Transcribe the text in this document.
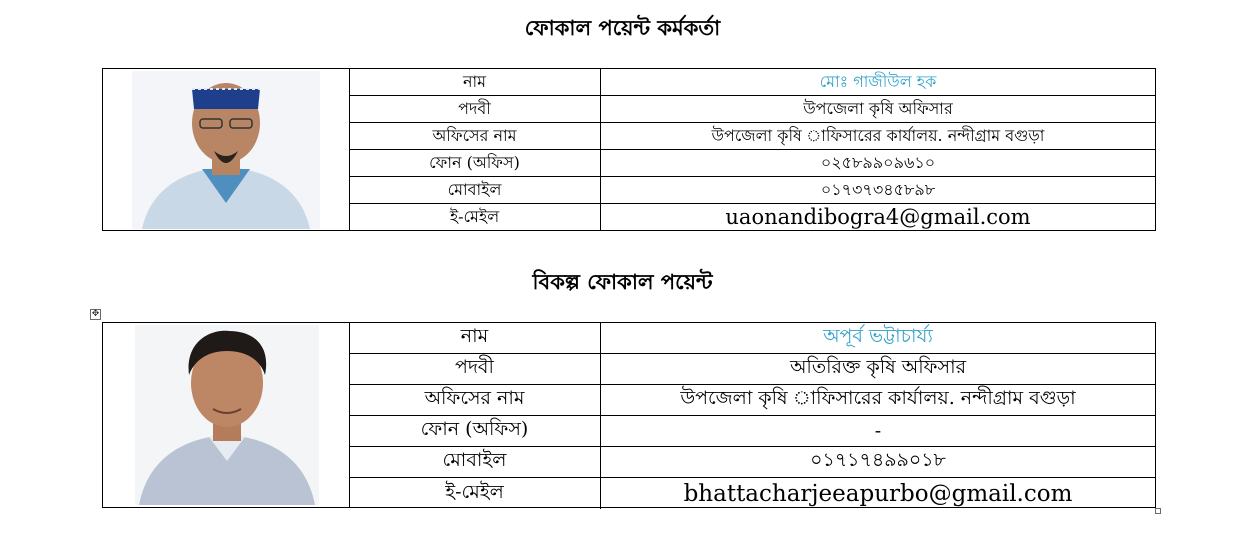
ফোকাল পয়েন্ট কর্মকর্তা
নাম	মোঃ গাজীউল হক
পদবী	উপজেলা কৃষি অফিসার
অফিসের নাম	উপজেলা কৃষি াফিসারের কার্যালয়. নন্দীগ্রাম বগুড়া
ফোন (অফিস)	০২৫৮৯৯০৯৬১০
মোবাইল	০১৭৩৭৩৪৫৮৯৮
ই-মেইল	uaonandibogra4@gmail.com
বিকল্প ফোকাল পয়েন্ট
✥
নাম	অপূর্ব ভট্টাচার্য্য
পদবী	অতিরিক্ত কৃষি অফিসার
অফিসের নাম	উপজেলা কৃষি াফিসারের কার্যালয়. নন্দীগ্রাম বগুড়া
ফোন (অফিস)	-
মোবাইল	০১৭১৭৪৯৯০১৮
ই-মেইল	bhattacharjeeapurbo@gmail.com
